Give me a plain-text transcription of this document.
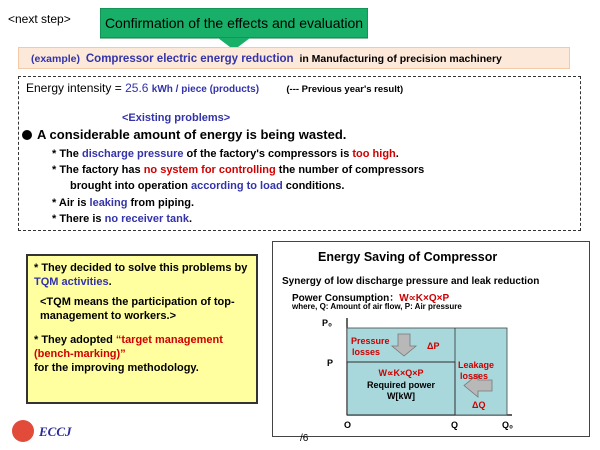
<next step>	Confirmation of the effects and evaluation
(example) Compressor electric energy reduction in Manufacturing of precision machinery
Energy intensity = 25.6 kWh / piece (products)	(--- Previous year's result)
<Existing problems>
A considerable amount of energy is being wasted.
* The discharge pressure of the factory's compressors is too high.
* The factory has no system for controlling the number of compressors
brought into operation according to load conditions.
* Air is leaking from piping.
* There is no receiver tank.

* They decided to solve this problems by TQM activities.

<TQM means the participation of top-management to workers.>

* They adopted “target management (bench-marking)”
for the improving methodology.

Energy Saving of Compressor
Synergy of low discharge pressure and leak reduction
Power Consumption：W∝K×Q×P
where, Q: Amount of air flow, P: Air pressure
P₀
P
O	Q	Q₀
Pressure
losses
ΔP
Leakage
losses
ΔQ
W∝K×Q×P
Required power
W[kW]
ECCJ	/6
